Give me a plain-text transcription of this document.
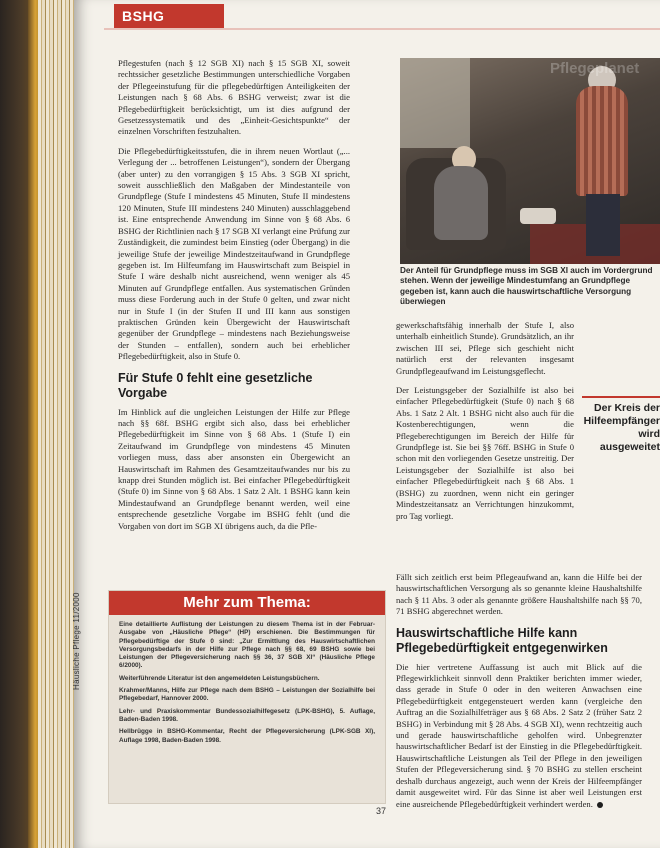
BSHG

Pflegestufen (nach § 12 SGB XI) nach § 15 SGB XI, soweit rechtssicher gesetzliche Bestimmungen unterschiedliche Vorgaben der Pflegeeinstufung für die pflegebedürftigen Anteiligkeiten der Leistungen nach § 68 Abs. 6 BSHG verweist; zwar ist die Pflegebedürftigkeit berücksichtigt, um ist dies aufgrund der Gesetzessystematik und des „Einheit-Gesichtspunkte“ der einzelnen Vorschriften festzuhalten.

Die Pflegebedürftigkeitsstufen, die in ihrem neuen Wortlaut („... Verlegung der ... betroffenen Leistungen“), sondern der Übergang (aber unter) zu den vorrangigen § 15 Abs. 3 SGB XI spricht, soweit ausschließlich den Maßgaben der Mindestanteile von Grundpflege (Stufe I mindestens 45 Minuten, Stufe II mindestens 120 Minuten, Stufe III mindestens 240 Minuten) ausschlaggebend ist. Eine entsprechende Anwendung im Sinne von § 68 Abs. 6 BSHG der Richtlinien nach § 17 SGB XI verlangt eine Prüfung zur Zuständigkeit, die zumindest beim Einstieg (oder Übergang) in die jeweilige Stufe der jeweilige Mindestzeitaufwand in Grundpflege gegeben ist. Im Hilfeumfang im Hauswirtschaft zum Beispiel in Stufe I wäre deshalb nicht ausreichend, wenn weniger als 45 Minuten auf Grundpflege entfallen. Aus systematischen Gründen muss diese Forderung auch in der Stufe 0 gelten, und zwar nicht nur in Stufe I (in der Stufen II und III kann aus sonstigen praktischen Gründen kein Übergewicht der Hauswirtschaft gegenüber der Grundpflege – mindestens nach Beziehungsweise der Stunden – entfallen), sondern auch bei erheblicher Pflegebedürftigkeit, also in Stufe 0.

Für Stufe 0 fehlt eine gesetzliche Vorgabe

Im Hinblick auf die ungleichen Leistungen der Hilfe zur Pflege nach §§ 68f. BSHG ergibt sich also, dass bei erheblicher Pflegebedürftigkeit im Sinne von § 68 Abs. 1 (Stufe I) ein Zeitaufwand im Grundpflege von mindestens 45 Minuten vorliegen muss, dass aber ansonsten ein Übergewicht an Hauswirtschaft im Rahmen des Gesamtzeitaufwandes nur bis zu knapp drei Stunden möglich ist. Bei einfacher Pflegebedürftigkeit (Stufe 0) im Sinne von § 68 Abs. 1 Satz 2 Alt. 1 BSHG kann kein Mindestaufwand an Grundpflege benannt werden, weil eine entsprechende gesetzliche Vorgabe im BSHG fehlt (und die Vorgaben von dort im SGB XI übrigens auch, da die Pfle-

Pflegeplanet
Der Anteil für Grundpflege muss im SGB XI auch im Vordergrund stehen. Wenn der jeweilige Mindestumfang an Grundpflege gegeben ist, kann auch die hauswirtschaftliche Versorgung überwiegen

gewerkschaftsfähig innerhalb der Stufe I, also unterhalb einheitlich Stunde). Grundsätzlich, an ihr zwischen III sei, Pflege sich geschieht nicht natürlich erst der relevanten insgesamt Grundpflegeaufwand im Leistungsgeflecht.

Der Leistungsgeber der Sozialhilfe ist also bei einfacher Pflegebedürftigkeit (Stufe 0) nach § 68 Abs. 1 Satz 2 Alt. 1 BSHG nicht also auch für die Kostenberechtigungen, wenn die Pflegeberechtigungen im Bereich der Hilfe für Grundpflege ist. Sie bei §§ 76ff. BSHG in Stufe 0 schon mit den vorliegenden Gesetze unstreitig. Der Leistungsgeber der Sozialhilfe ist also bei einfacher Pflegebedürftigkeit nach § 68 Abs. 1 (BSHG) zu zuordnen, wenn nicht ein geringer Mindestzeitansatz an Verrichtungen hinzukommt, pro Tag vorliegt.

Der Kreis der Hilfeempfänger wird ausgeweitet

Fällt sich zeitlich erst beim Pflegeaufwand an, kann die Hilfe bei der hauswirtschaftlichen Versorgung als so genannte kleine Haushaltshilfe nach § 11 Abs. 3 oder als genannte größere Haushaltshilfe nach §§ 70, 71 BSHG abgerechnet werden.

Hauswirtschaftliche Hilfe kann Pflegebedürftigkeit entgegenwirken

Die hier vertretene Auffassung ist auch mit Blick auf die Pflegewirklichkeit sinnvoll denn Praktiker berichten immer wieder, dass gerade in Stufe 0 oder in den weiteren Anwachsen eine Pflegebedürftigkeit entgegensteuert werden kann (vergleiche den Auftrag an die Sozialhilfeträger aus § 68 Abs. 2 Satz 2 (früher Satz 2 BSHG) in Verbindung mit § 28 Abs. 4 SGB XI), wenn rechtzeitig auch und gerade hauswirtschaftliche geholfen wird. Unbegrenzter hauswirtschaftlicher Bedarf ist der Einstieg in die Pflegebedürftigkeit. Hauswirtschaftliche Leistungen als Teil der Pflege in den jeweiligen Stufen der Pflegeversicherung sind. § 70 BSHG zu stellen erscheint deshalb durchaus angezeigt, auch wenn der Kreis der Hilfeempfänger damit ausgeweitet wird. Für das Sinne ist aber weil Leistungen erst eine ausreichende Pflegebedürftigkeit verhindert werden.

Mehr zum Thema:

Eine detaillierte Auflistung der Leistungen zu diesem Thema ist in der Februar-Ausgabe von „Häusliche Pflege“ (HP) erschienen. Die Bestimmungen für Pflegebedürftige der Stufe 0 sind: „Zur Ermittlung des Hauswirtschaftlichen Versorgungsbedarfs in der Hilfe zur Pflege nach §§ 68, 69 BSHG sowie bei Leistungen der Pflegeversicherung nach §§ 36, 37 SGB XI“ (Häusliche Pflege 6/2000).

Weiterführende Literatur ist den angemeldeten Leistungsbüchern.

Krahmer/Manns, Hilfe zur Pflege nach dem BSHG – Leistungen der Sozialhilfe bei Pflegebedarf, Hannover 2000.

Lehr- und Praxiskommentar Bundessozialhilfegesetz (LPK-BSHG), 5. Auflage, Baden-Baden 1998.

Hellbrügge in BSHG-Kommentar, Recht der Pflegeversicherung (LPK-SGB XI), Auflage 1998, Baden-Baden 1998.

Häusliche Pflege 11/2000
37
